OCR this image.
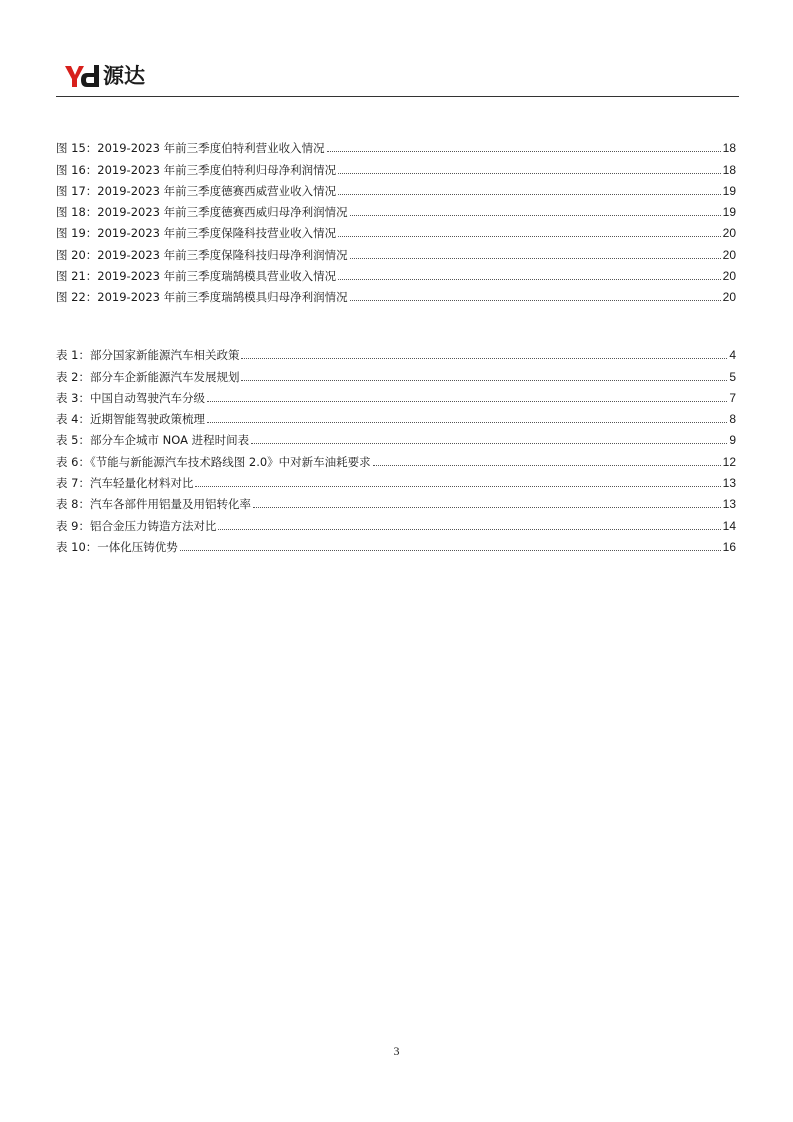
源达
图 15：2019-2023 年前三季度伯特利营业收入情况	18
图 16：2019-2023 年前三季度伯特利归母净利润情况	18
图 17：2019-2023 年前三季度德赛西威营业收入情况	19
图 18：2019-2023 年前三季度德赛西威归母净利润情况	19
图 19：2019-2023 年前三季度保隆科技营业收入情况	20
图 20：2019-2023 年前三季度保隆科技归母净利润情况	20
图 21：2019-2023 年前三季度瑞鹄模具营业收入情况	20
图 22：2019-2023 年前三季度瑞鹄模具归母净利润情况	20
表 1：部分国家新能源汽车相关政策	4
表 2：部分车企新能源汽车发展规划	5
表 3：中国自动驾驶汽车分级	7
表 4：近期智能驾驶政策梳理	8
表 5：部分车企城市 NOA 进程时间表	9
表 6：《节能与新能源汽车技术路线图 2.0》中对新车油耗要求	12
表 7：汽车轻量化材料对比	13
表 8：汽车各部件用铝量及用铝转化率	13
表 9：铝合金压力铸造方法对比	14
表 10：一体化压铸优势	16
3
